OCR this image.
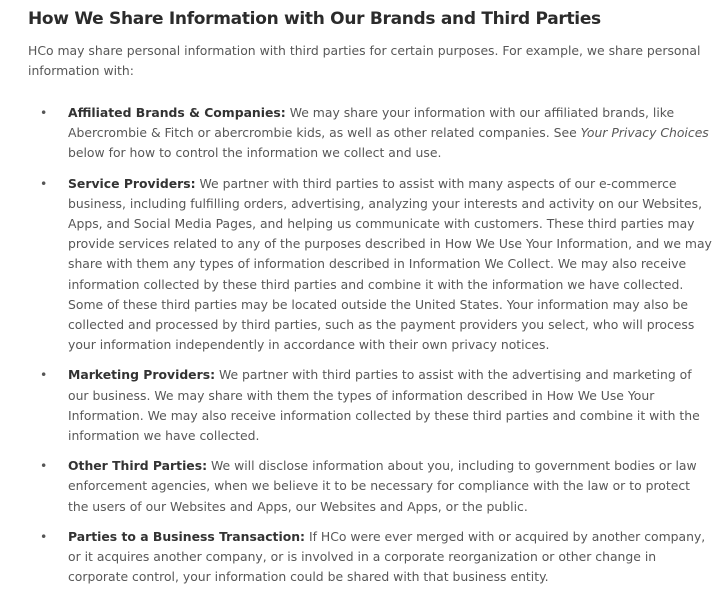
How We Share Information with Our Brands and Third Parties

HCo may share personal information with third parties for certain purposes. For example, we share personal information with:

• Affiliated Brands & Companies: We may share your information with our affiliated brands, like Abercrombie & Fitch or abercrombie kids, as well as other related companies. See Your Privacy Choices below for how to control the information we collect and use.
• Service Providers: We partner with third parties to assist with many aspects of our e-commerce business, including fulfilling orders, advertising, analyzing your interests and activity on our Websites, Apps, and Social Media Pages, and helping us communicate with customers. These third parties may provide services related to any of the purposes described in How We Use Your Information, and we may share with them any types of information described in Information We Collect. We may also receive information collected by these third parties and combine it with the information we have collected. Some of these third parties may be located outside the United States. Your information may also be collected and processed by third parties, such as the payment providers you select, who will process your information independently in accordance with their own privacy notices.
• Marketing Providers: We partner with third parties to assist with the advertising and marketing of our business. We may share with them the types of information described in How We Use Your Information. We may also receive information collected by these third parties and combine it with the information we have collected.
• Other Third Parties: We will disclose information about you, including to government bodies or law enforcement agencies, when we believe it to be necessary for compliance with the law or to protect the users of our Websites and Apps, our Websites and Apps, or the public.
• Parties to a Business Transaction: If HCo were ever merged with or acquired by another company, or it acquires another company, or is involved in a corporate reorganization or other change in corporate control, your information could be shared with that business entity.
